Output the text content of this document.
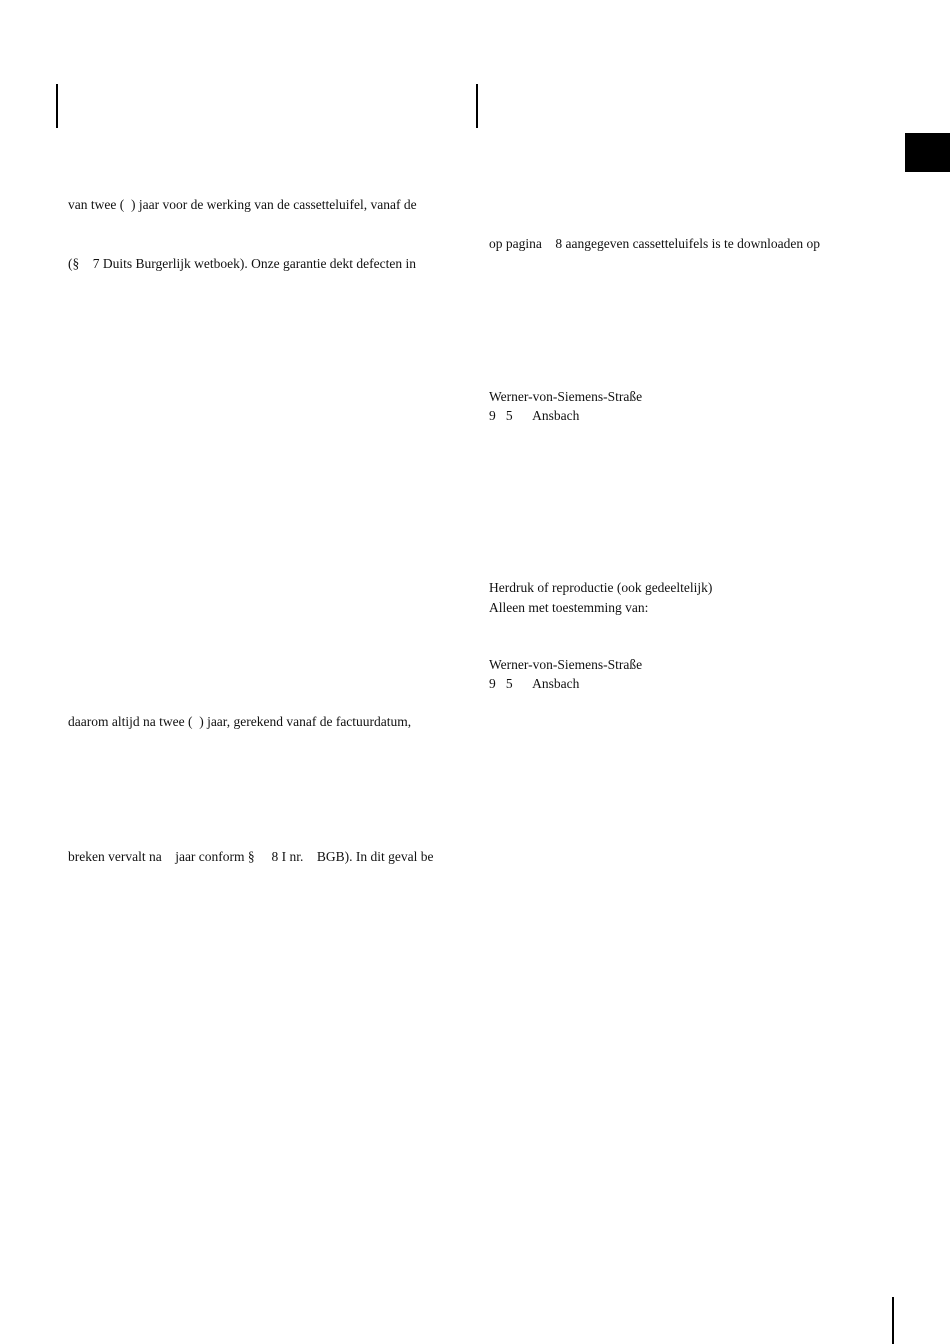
van twee (  ) jaar voor de werking van de cassetteluifel, vanaf de
(§    7 Duits Burgerlijk wetboek). Onze garantie dekt defecten in
daarom altijd na twee (  ) jaar, gerekend vanaf de factuurdatum,
breken vervalt na    jaar conform §     8 I nr.    BGB). In dit geval be
op pagina    8 aangegeven cassetteluifels is te downloaden op
Werner-von-Siemens-Straße
9   5      Ansbach
Herdruk of reproductie (ook gedeeltelijk)
Alleen met toestemming van:
Werner-von-Siemens-Straße
9   5      Ansbach
